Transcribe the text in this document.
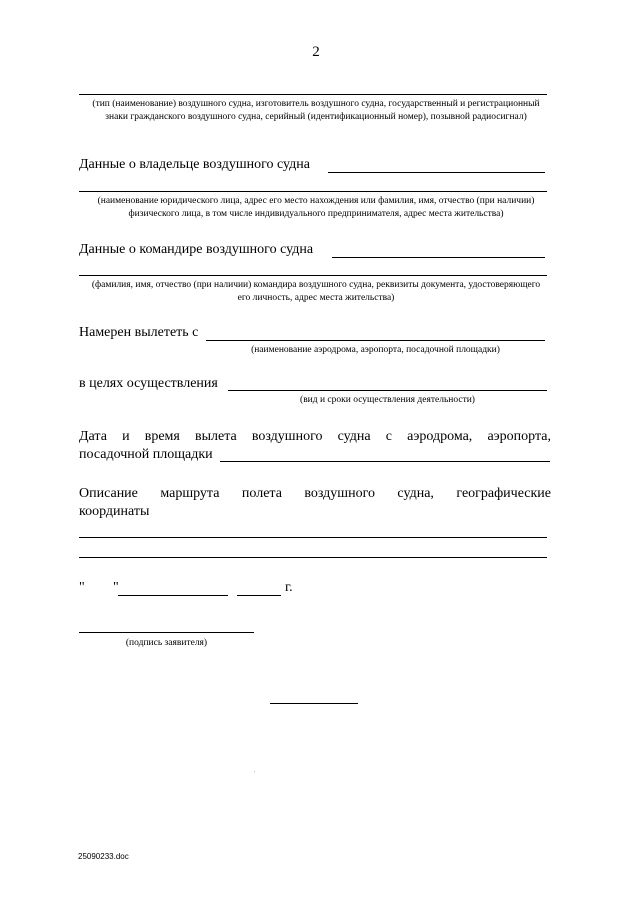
2
(тип (наименование) воздушного судна, изготовитель воздушного судна, государственный и регистрационный знаки гражданского воздушного судна, серийный (идентификационный номер), позывной радиосигнал)
Данные о владельце воздушного судна
(наименование юридического лица, адрес его место нахождения или фамилия, имя, отчество (при наличии) физического лица, в том числе индивидуального предпринимателя, адрес места жительства)
Данные о командире воздушного судна
(фамилия, имя, отчество (при наличии) командира воздушного судна, реквизиты документа, удостоверяющего его личность, адрес места жительства)
Намерен вылететь с
(наименование аэродрома, аэропорта, посадочной площадки)
в целях осуществления
(вид и сроки осуществления деятельности)
Дата и время вылета воздушного судна с аэродрома, аэропорта,
посадочной площадки
Описание маршрута полета воздушного судна, географические
координаты
" "	г.
(подпись заявителя)
25090233.doc
